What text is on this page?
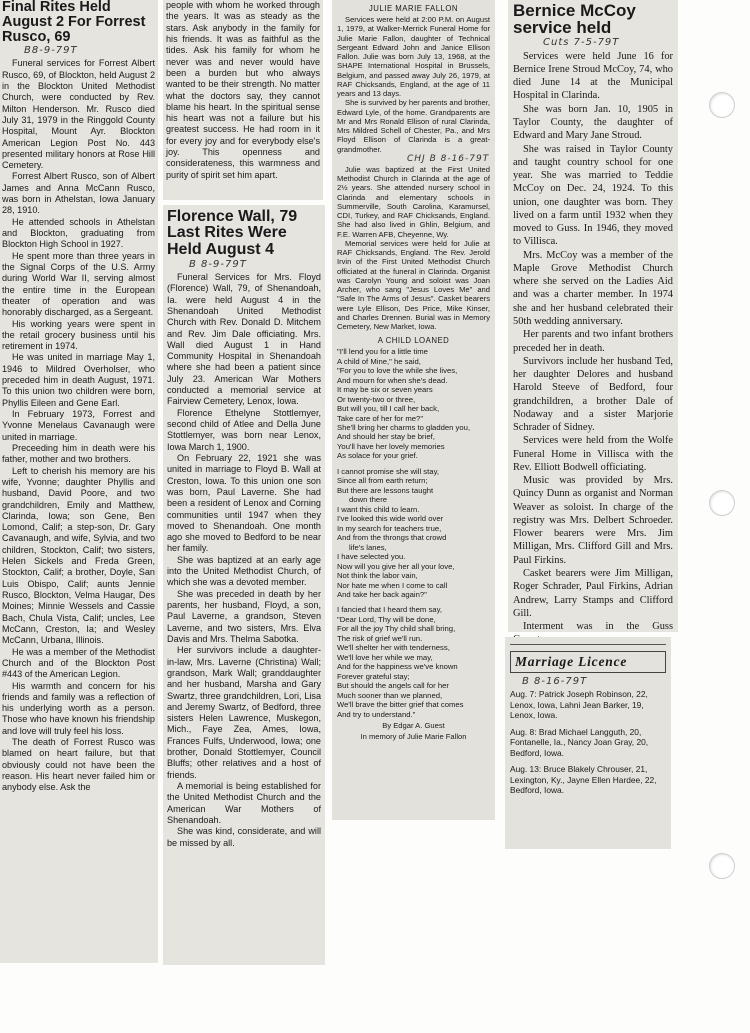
Final Rites Held August 2 For Forrest Rusco, 69
B8-9-79T

Funeral services for Forrest Albert Rusco, 69, of Blockton, held August 2 in the Blockton United Methodist Church, were conducted by Rev. Milton Henderson. Mr. Rusco died July 31, 1979 in the Ringgold County Hospital, Mount Ayr. Blockton American Legion Post No. 443 presented military honors at Rose Hill Cemetery.

Forrest Albert Rusco, son of Albert James and Anna McCann Rusco, was born in Athelstan, Iowa January 28, 1910.

He attended schools in Athelstan and Blockton, graduating from Blockton High School in 1927.

He spent more than three years in the Signal Corps of the U.S. Army during World War II, serving almost the entire time in the European theater of operation and was honorably discharged, as a Sergeant.

His working years were spent in the retail grocery business until his retirement in 1974.

He was united in marriage May 1, 1946 to Mildred Overholser, who preceded him in death August, 1971. To this union two children were born, Phyllis Eileen and Gene Earl.

In February 1973, Forrest and Yvonne Menelaus Cavanaugh were united in marriage.

Preceeding him in death were his father, mother and two brothers.

Left to cherish his memory are his wife, Yvonne; daughter Phyllis and husband, David Poore, and two grandchildren, Emily and Matthew, Clarinda, Iowa; son Gene, Ben Lomond, Calif; a step-son, Dr. Gary Cavanaugh, and wife, Sylvia, and two children, Stockton, Calif; two sisters, Helen Sickels and Freda Green, Stockton, Calif; a brother, Doyle, San Luis Obispo, Calif; aunts Jennie Rusco, Blockton, Velma Haugar, Des Moines; Minnie Wessels and Cassie Bach, Chula Vista, Calif; uncles, Lee McCann, Creston, Ia; and Wesley McCann, Urbana, Illinois.

He was a member of the Methodist Church and of the Blockton Post #443 of the American Legion.

His warmth and concern for his friends and family was a reflection of his underlying worth as a person. Those who have known his friendship and love will truly feel his loss.

The death of Forrest Rusco was blamed on heart failure, but that obviously could not have been the reason. His heart never failed him or anybody else. Ask the

people with whom he worked through the years. It was as steady as the stars. Ask anybody in the family for his friends. It was as faithful as the tides. Ask his family for whom he never was and never would have been a burden but who always wanted to be their strength. No matter what the doctors say, they cannot blame his heart. In the spiritual sense his heart was not a failure but his greatest success. He had room in it for every joy and for everybody else's joy. This openness and considerateness, this warmness and purity of spirit set him apart.

Florence Wall, 79 Last Rites Were Held August 4
B 8-9-79T

Funeral Services for Mrs. Floyd (Florence) Wall, 79, of Shenandoah, Ia. were held August 4 in the Shenandoah United Methodist Church with Rev. Donald D. Mitchem and Rev. Jim Dale officiating. Mrs. Wall died August 1 in Hand Community Hospital in Shenandoah where she had been a patient since July 23. American War Mothers conducted a memorial service at Fairview Cemetery, Lenox, Iowa.

Florence Ethelyne Stottlemyer, second child of Atlee and Della June Stottlemyer, was born near Lenox, Iowa March 1, 1900.

On February 22, 1921 she was united in marriage to Floyd B. Wall at Creston, Iowa. To this union one son was born, Paul Laverne. She had been a resident of Lenox and Corning communities until 1947 when they moved to Shenandoah. One month ago she moved to Bedford to be near her family.

She was baptized at an early age into the United Methodist Church, of which she was a devoted member.

She was preceded in death by her parents, her husband, Floyd, a son, Paul Laverne, a grandson, Steven Laverne, and two sisters, Mrs. Elva Davis and Mrs. Thelma Sabotka.

Her survivors include a daughter-in-law, Mrs. Laverne (Christina) Wall; grandson, Mark Wall; granddaughter and her husband, Marsha and Gary Swartz, three grandchildren, Lori, Lisa and Jeremy Swartz, of Bedford, three sisters Helen Lawrence, Muskegon, Mich., Faye Zea, Ames, Iowa, Frances Fulfs, Underwood, Iowa; one brother, Donald Stottlemyer, Council Bluffs; other relatives and a host of friends.

A memorial is being established for the United Methodist Church and the American War Mothers of Shenandoah.

She was kind, considerate, and will be missed by all.

JULIE MARIE FALLON

Services were held at 2:00 P.M. on August 1, 1979, at Walker-Merrick Funeral Home for Julie Marie Fallon, daughter of Technical Sergeant Edward John and Janice Ellison Fallon. Julie was born July 13, 1968, at the SHAPE International Hospital in Brussels, Belgium, and passed away July 26, 1979, at RAF Chicksands, England, at the age of 11 years and 13 days.

She is survived by her parents and brother, Edward Lyle, of the home. Grandparents are Mr and Mrs Ronald Ellison of rural Clarinda, Mrs Mildred Schell of Chester, Pa., and Mrs Floyd Ellison of Clarinda is a great-grandmother.

CHJ B 8-16-79T

Julie was baptized at the First United Methodist Church in Clarinda at the age of 2½ years. She attended nursery school in Clarinda and elementary schools in Summerville, South Carolina, Karamursel, CDI, Turkey, and RAF Chicksands, England. She had also lived in Ghlin, Belgium, and F.E. Warren AFB, Cheyenne, Wy.

Memorial services were held for Julie at RAF Chicksands, England. The Rev. Jerold Irvin of the First United Methodist Church officiated at the funeral in Clarinda. Organist was Carolyn Young and soloist was Joan Archer, who sang "Jesus Loves Me" and "Safe In The Arms of Jesus". Casket bearers were Lyle Ellison, Des Price, Mike Kinser, and Charles Drennen. Burial was in Memory Cemetery, New Market, Iowa.

A CHILD LOANED
"I'll lend you for a little time
A child of Mine," he said,
"For you to love the while she lives,
And mourn for when she's dead.
It may be six or seven years
Or twenty-two or three,
But will you, till I call her back,
Take care of her for me?"
She'll bring her charms to gladden you,
And should her stay be brief,
You'll have her lovely memories
As solace for your grief.
I cannot promise she will stay,
Since all from earth return;
But there are lessons taught
down there
I want this child to learn.
I've looked this wide world over
In my search for teachers true,
And from the throngs that crowd
life's lanes,
I have selected you.
Now will you give her all your love,
Not think the labor vain,
Nor hate me when I come to call
And take her back again?"
I fancied that I heard them say,
"Dear Lord, Thy will be done,
For all the joy Thy child shall bring,
The risk of grief we'll run.
We'll shelter her with tenderness,
We'll love her while we may,
And for the happiness we've known
Forever grateful stay;
But should the angels call for her
Much sooner than we planned,
We'll brave the bitter grief that comes
And try to understand."
By Edgar A. Guest
In memory of Julie Marie Fallon
Bernice McCoy service held
Cuts 7-5-79T

Services were held June 16 for Bernice Irene Stroud McCoy, 74, who died June 14 at the Municipal Hospital in Clarinda.

She was born Jan. 10, 1905 in Taylor County, the daughter of Edward and Mary Jane Stroud.

She was raised in Taylor County and taught country school for one year. She was married to Teddie McCoy on Dec. 24, 1924. To this union, one daughter was born. They lived on a farm until 1932 when they moved to Guss. In 1946, they moved to Villisca.

Mrs. McCoy was a member of the Maple Grove Methodist Church where she served on the Ladies Aid and was a charter member. In 1974 she and her husband celebrated their 50th wedding anniversary.

Her parents and two infant brothers preceded her in death.

Survivors include her husband Ted, her daughter Delores and husband Harold Steeve of Bedford, four grandchildren, a brother Dale of Nodaway and a sister Marjorie Schrader of Sidney.

Services were held from the Wolfe Funeral Home in Villisca with the Rev. Elliott Bodwell officiating.

Music was provided by Mrs. Quincy Dunn as organist and Norman Weaver as soloist. In charge of the registry was Mrs. Delbert Schroeder. Flower bearers were Mrs. Jim Milligan, Mrs. Clifford Gill and Mrs. Paul Firkins.

Casket bearers were Jim Milligan, Roger Schrader, Paul Firkins, Adrian Andrew, Larry Stamps and Clifford Gill.

Interment was in the Guss

Marriage Licence
B 8-16-79T

Aug. 7: Patrick Joseph Robinson, 22, Lenox, Iowa, Lahni Jean Barker, 19, Lenox, Iowa.

Aug. 8: Brad Michael Langguth, 20, Fontanelle, Ia., Nancy Joan Gray, 20, Bedford, Iowa.

Aug. 13: Bruce Blakely Chrouser, 21, Lexington, Ky., Jayne Ellen Hardee, 22, Bedford, Iowa.
